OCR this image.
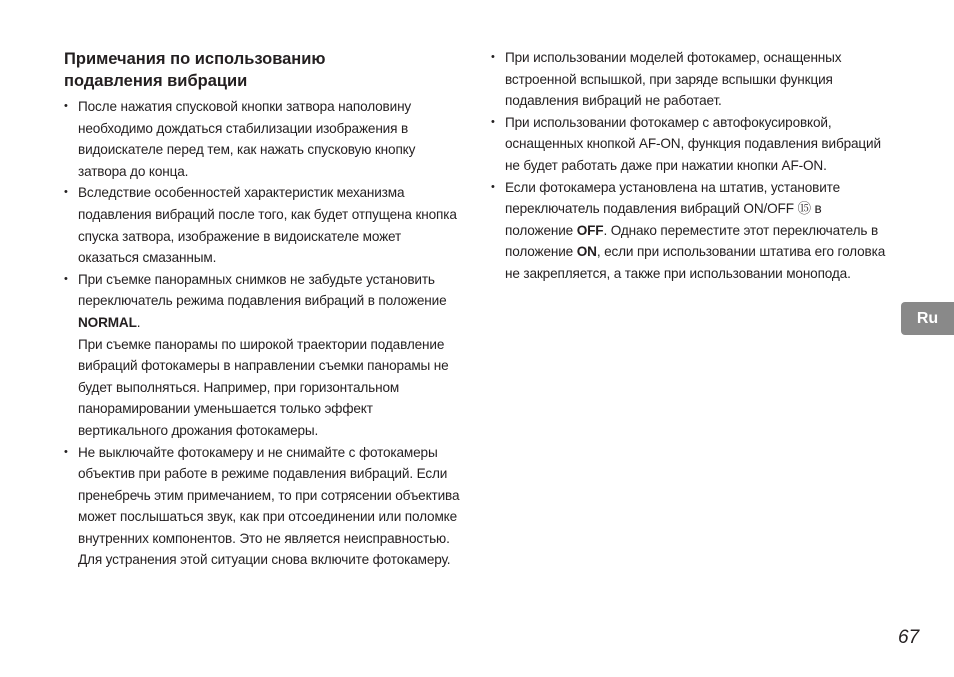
Примечания по использованию
подавления вибрации
• После нажатия спусковой кнопки затвора наполовину необходимо дождаться стабилизации изображения в видоискателе перед тем, как нажать спусковую кнопку затвора до конца.

• Вследствие особенностей характеристик механизма подавления вибраций после того, как будет отпущена кнопка спуска затвора, изображение в видоискателе может оказаться смазанным.

• При съемке панорамных снимков не забудьте установить переключатель режима подавления вибраций в положение NORMAL.

При съемке панорамы по широкой траектории подавление вибраций фотокамеры в направлении съемки панорамы не будет выполняться. Например, при горизонтальном панорамировании уменьшается только эффект вертикального дрожания фотокамеры.

• Не выключайте фотокамеру и не снимайте с фотокамеры объектив при работе в режиме подавления вибраций. Если пренебречь этим примечанием, то при сотрясении объектива может послышаться звук, как при отсоединении или поломке внутренних компонентов. Это не является неисправностью. Для устранения этой ситуации снова включите фотокамеру.

• При использовании моделей фотокамер, оснащенных встроенной вспышкой, при заряде вспышки функция подавления вибраций не работает.

• При использовании фотокамер с автофокусировкой, оснащенных кнопкой AF-ON, функция подавления вибраций не будет работать даже при нажатии кнопки AF-ON.

• Если фотокамера установлена на штатив, установите переключатель подавления вибраций ON/OFF ⑮ в положение OFF. Однако переместите этот переключатель в положение ON, если при использовании штатива его головка не закрепляется, а также при использовании монопода.

Ru
67
